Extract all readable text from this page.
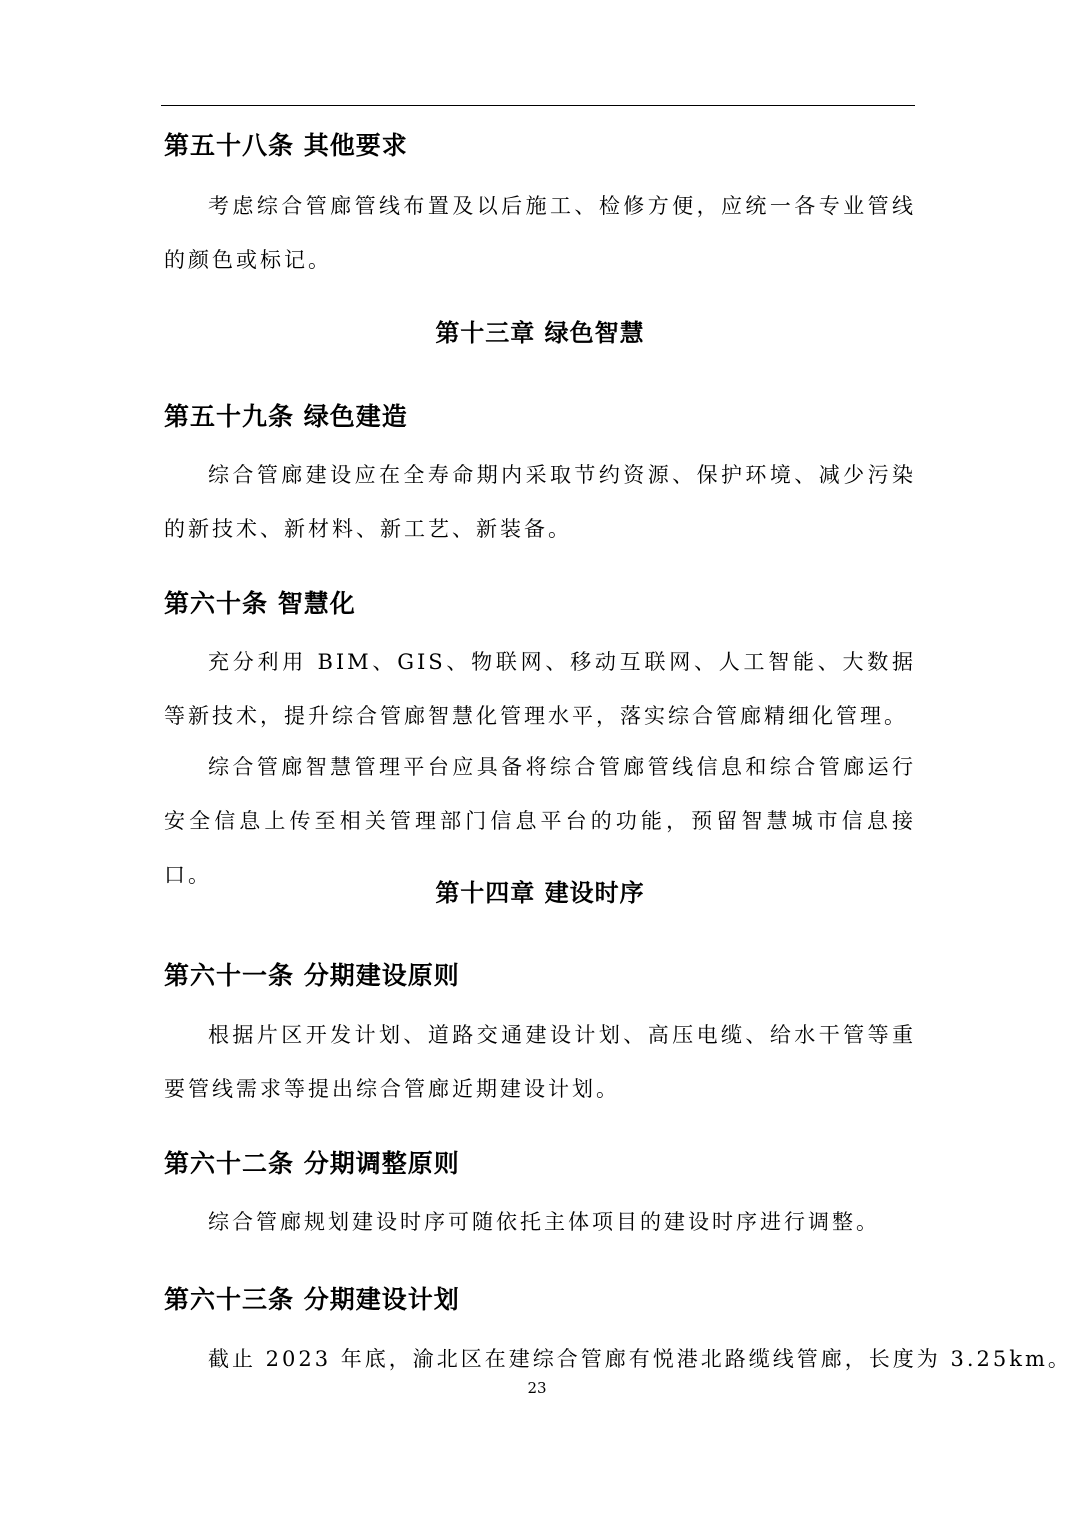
第五十八条 其他要求
考虑综合管廊管线布置及以后施工、检修方便，应统一各专业管线的颜色或标记。
第十三章 绿色智慧
第五十九条 绿色建造
综合管廊建设应在全寿命期内采取节约资源、保护环境、减少污染的新技术、新材料、新工艺、新装备。
第六十条 智慧化
充分利用 BIM、GIS、物联网、移动互联网、人工智能、大数据等新技术，提升综合管廊智慧化管理水平，落实综合管廊精细化管理。
综合管廊智慧管理平台应具备将综合管廊管线信息和综合管廊运行安全信息上传至相关管理部门信息平台的功能，预留智慧城市信息接口。
第十四章 建设时序
第六十一条 分期建设原则
根据片区开发计划、道路交通建设计划、高压电缆、给水干管等重要管线需求等提出综合管廊近期建设计划。
第六十二条 分期调整原则
综合管廊规划建设时序可随依托主体项目的建设时序进行调整。
第六十三条 分期建设计划
截止 2023 年底，渝北区在建综合管廊有悦港北路缆线管廊，长度为 3.25km。
23
